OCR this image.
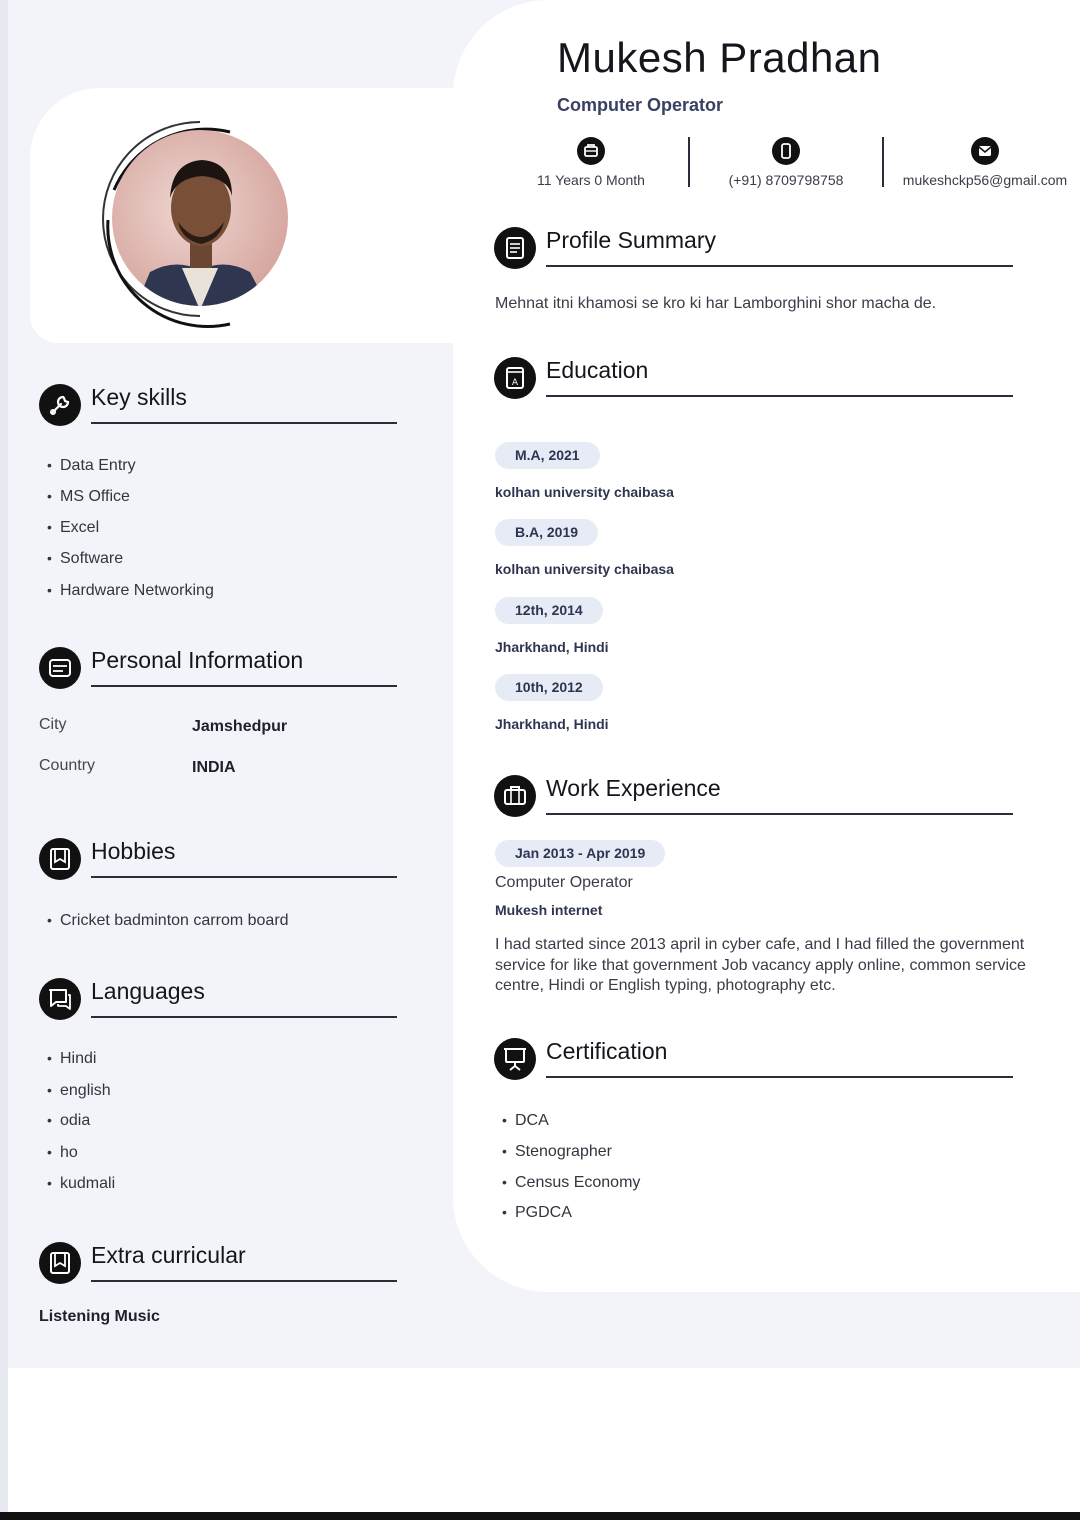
Mukesh Pradhan
Computer Operator
11 Years 0 Month	(+91) 8709798758	mukeshckp56@gmail.com
Key skills
• Data Entry
• MS Office
• Excel
• Software
• Hardware Networking
Personal Information
City	Jamshedpur
Country	INDIA
Hobbies
• Cricket badminton carrom board
Languages
• Hindi
• english
• odia
• ho
• kudmali
Extra curricular
Listening Music
Profile Summary
Mehnat itni khamosi se kro ki har Lamborghini shor macha de.
A Education
M.A, 2021
kolhan university chaibasa
B.A, 2019
kolhan university chaibasa
12th, 2014
Jharkhand, Hindi
10th, 2012
Jharkhand, Hindi
Work Experience
Jan 2013 - Apr 2019
Computer Operator
Mukesh internet
I had started since 2013 april in cyber cafe, and I had filled the government service for like that government Job vacancy apply online, common service centre, Hindi or English typing, photography etc.
Certification
• DCA
• Stenographer
• Census Economy
• PGDCA
